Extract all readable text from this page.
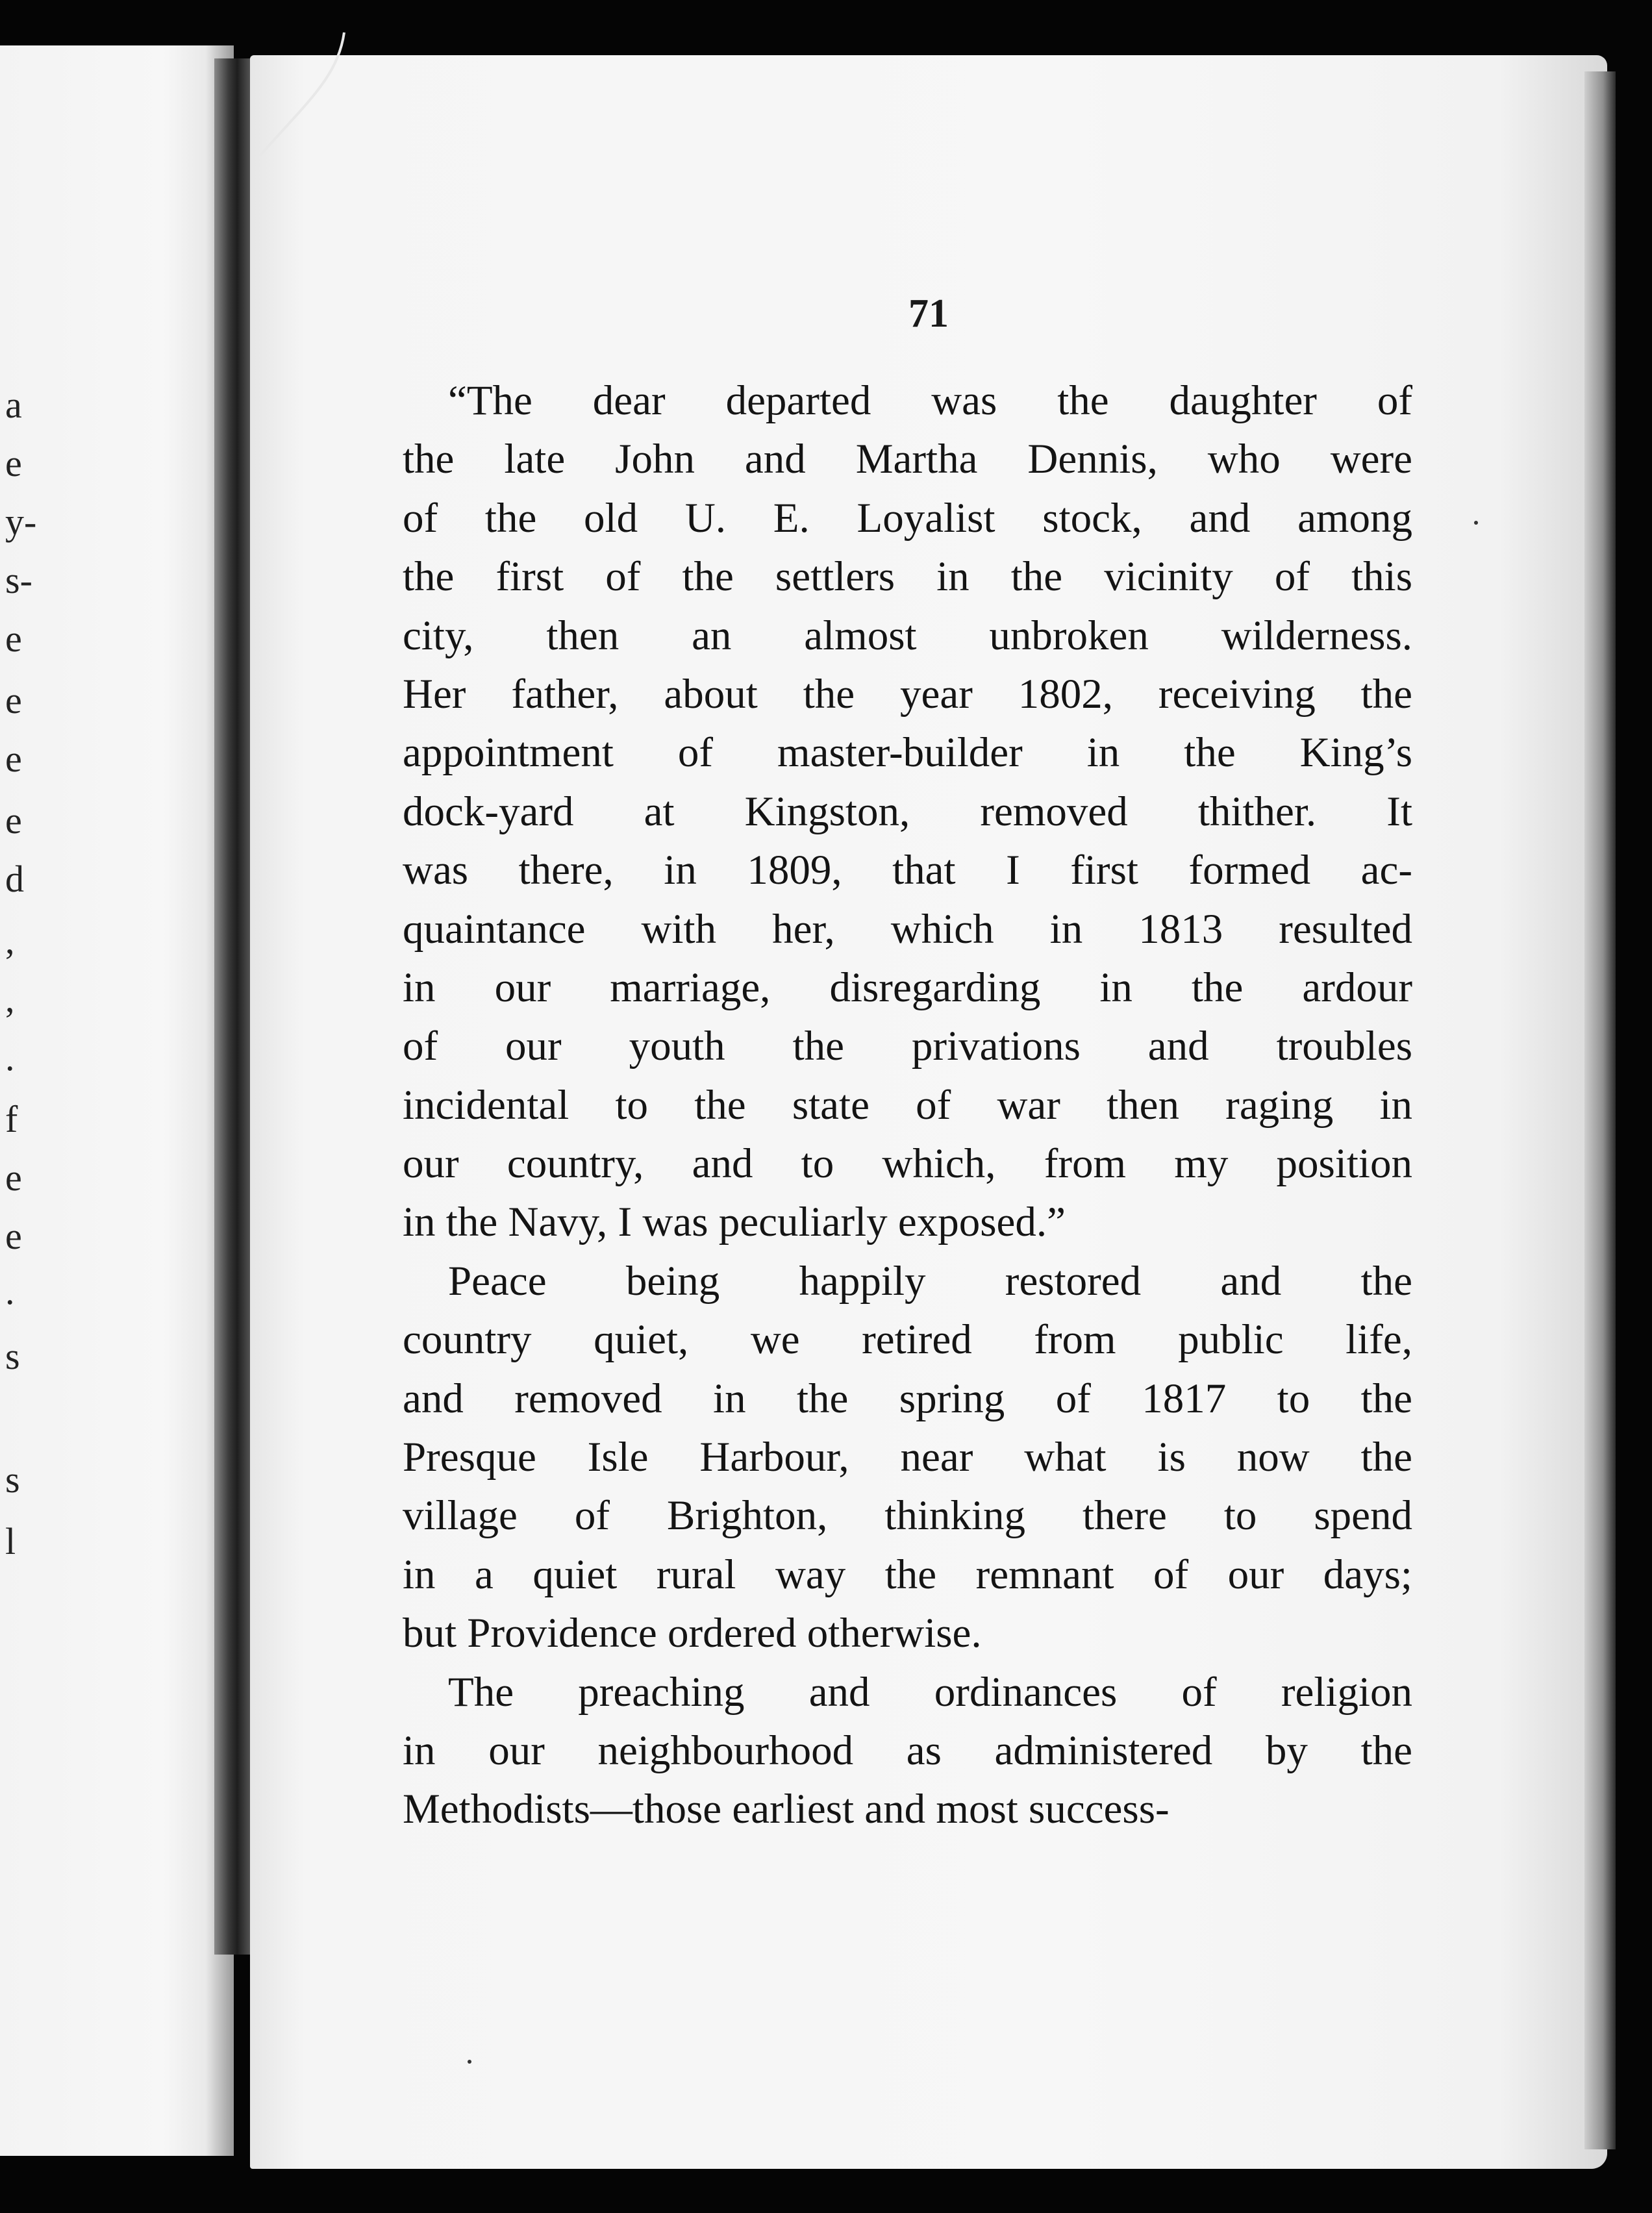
a
e
y-
s-
e
e
e
e
d
,
,
.
f
e
e
.
s
s
l
71
“The dear departed was the daughter of
the late John and Martha Dennis, who were
of the old U. E. Loyalist stock, and among
the first of the settlers in the vicinity of this
city, then an almost unbroken wilderness.
Her father, about the year 1802, receiving the
appointment of master-builder in the King’s
dock-yard at Kingston, removed thither. It
was there, in 1809, that I first formed ac-
quaintance with her, which in 1813 resulted
in our marriage, disregarding in the ardour
of our youth the privations and troubles
incidental to the state of war then raging in
our country, and to which, from my position
in the Navy, I was peculiarly exposed.”
Peace being happily restored and the
country quiet, we retired from public life,
and removed in the spring of 1817 to the
Presque Isle Harbour, near what is now the
village of Brighton, thinking there to spend
in a quiet rural way the remnant of our days;
but Providence ordered otherwise.
The preaching and ordinances of religion
in our neighbourhood as administered by the
Methodists—those earliest and most success-
